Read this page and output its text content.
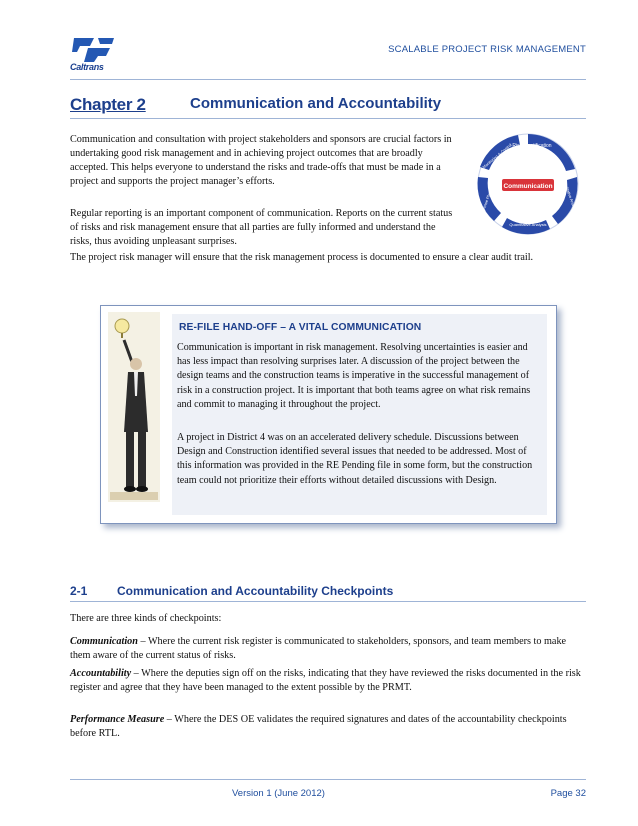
Caltrans
SCALABLE PROJECT RISK MANAGEMENT
Chapter 2	Communication and Accountability
Communication and consultation with project stakeholders and sponsors are crucial factors in undertaking good risk management and in achieving project outcomes that are broadly accepted. This helps everyone to understand the risks and trade-offs that must be made in a project and supports the project manager’s efforts.
Regular reporting is an important component of communication. Reports on the current status of risks and risk management ensure that all parties are fully informed and understand the risks, thus avoiding unpleasant surprises.
The project risk manager will ensure that the risk management process is documented to ensure a clear audit trail.
Communication
Risk Identification
Qualitative Analysis
Quantitative Analysis
Response Planning
Monitoring & Control
RE-FILE HAND-OFF – A VITAL COMMUNICATION
Communication is important in risk management. Resolving uncertainties is easier and has less impact than resolving surprises later. A discussion of the project between the design teams and the construction teams is imperative in the successful management of risk in a construction project. It is important that both teams agree on what risk remains and commit to managing it throughout the project.
A project in District 4 was on an accelerated delivery schedule. Discussions between Design and Construction identified several issues that needed to be addressed. Most of this information was provided in the RE Pending file in some form, but the construction team could not prioritize their efforts without detailed discussions with Design.
2-1 Communication and Accountability Checkpoints
There are three kinds of checkpoints:
Communication – Where the current risk register is communicated to stakeholders, sponsors, and team members to make them aware of the current status of risks.
Accountability – Where the deputies sign off on the risks, indicating that they have reviewed the risks documented in the risk register and agree that they have been managed to the extent possible by the PRMT.
Performance Measure – Where the DES OE validates the required signatures and dates of the accountability checkpoints before RTL.
Version 1 (June 2012)	Page 32
